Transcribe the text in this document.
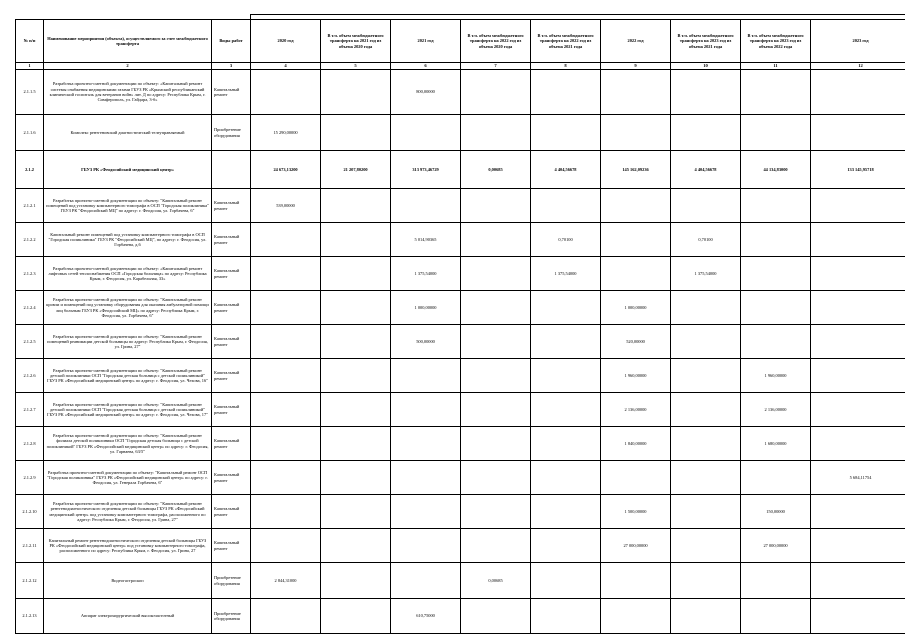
№ п/п	Наименование мероприятия (объекта), осуществляемого за счет межбюджетного трансферта	Виды работ	2020 год	В т.ч. объем межбюджетного трансферта на 2021 год из объема 2020 года	2021 год	В т.ч. объем межбюджетного трансферта на 2022 год из объема 2020 года	В т.ч. объем межбюджетного трансферта на 2022 год из объема 2021 года	2022 год	В т.ч. объем межбюджетного трансферта на 2023 год из объема 2021 года	В т.ч. объем межбюджетного трансферта на 2023 год из объема 2022 года	2023 год
1	2	3	4	5	6	7	8	9	10	11	12
2.1.1.5	Разработка проектно-сметной документации по объекту: «Капитальный ремонт системы снабжения медицинскими газами ГБУЗ РК «Крымский республиканский клинический госпиталь для ветеранов войн» лит. Д по адресу: Республика Крым, г. Симферополь, ул. Гайдара, 3-б»	Капитальный ремонт			800,00000						
2.1.1.6	Комплекс рентгеновский диагностический телеуправляемый	Приобретение оборудования	15 290,00000								
2.1.2	ГБУЗ РК «Феодосийский медицинский центр»		24 673,13200	21 207,80200	313 973,46729	0,00685	4 404,56678	145 162,09236	4 404,56678	44 134,83000	133 145,95718
2.1.2.1	Разработка проектно-сметной документации по объекту: "Капитальный ремонт помещений под установку компьютерного томографа в ОСП "Городская поликлиника" ГБУЗ РК "Феодосийский МЦ" по адресу: г. Феодосия, ул. Горбачева, 6"	Капитальный ремонт	539,00000								
2.1.2.2	Капитальный ремонт помещений под установку компьютерного томографа в ОСП "Городская поликлиника" ГБУЗ РК "Феодосийский МЦ", по адресу: г. Феодосия, ул. Горбачева, д.6	Капитальный ремонт			5 014,90365		0,70100		0,70100		
2.1.2.3	Разработка проектно-сметной документации по объекту: «Капитальный ремонт лифтовых сетей теплоснабжения ОСП «Городская больница» по адресу: Республика Крым, г. Феодосия, ул. Карабельная, 33»	Капитальный ремонт			1 375,54000		1 375,54000		1 375,54000		
2.1.2.4	Разработка проектно-сметной документации по объекту: "Капитальный ремонт кровли и помещений под установку оборудования для оказания амбулаторной помощи лиц больным ГБУЗ РК «Феодосийский МЦ» по адресу: Республика Крым, г. Феодосия, ул. Горбачева, 6"	Капитальный ремонт			1 000,00000			1 000,00000			
2.1.2.5	Разработка проектно-сметной документации по объекту: "Капитальный ремонт помещений реанимации детской больницы по адресу: Республика Крым, г. Феодосия, ул. Грина, 27"	Капитальный ремонт			500,00000			520,00000			
2.1.2.6	Разработка проектно-сметной документации по объекту: "Капитальный ремонт детской поликлиники ОСП "Городская детская больница с детской поликлиникой" ГБУЗ РК «Феодосийский медицинский центр» по адресу: г. Феодосия, ул. Чехова, 16"	Капитальный ремонт						1 960,00000		1 960,00000	
2.1.2.7	Разработка проектно-сметной документации по объекту: "Капитальный ремонт детской поликлиники ОСП "Городская детская больница с детской поликлиникой" ГБУЗ РК «Феодосийский медицинский центр» по адресу: г. Феодосия, ул. Чехова, 17"	Капитальный ремонт						2 136,00000		2 136,00000	
2.1.2.8	Разработка проектно-сметной документации по объекту: "Капитальный ремонт филиала детской поликлиники ОСП "Городская детская больница с детской поликлиникой" ГБУЗ РК «Феодосийский медицинский центр» по адресу: г. Феодосия, ул. Гарнаева, 63/5"	Капитальный ремонт						1 840,00000		1 680,00000	
2.1.2.9	Разработка проектно-сметной документации по объекту: "Капитальный ремонт ОСП "Городская поликлиника" ГБУЗ РК «Феодосийский медицинский центр» по адресу: г. Феодосия, ул. Генерала Горбачева, 6"	Капитальный ремонт									5 684,11754
2.1.2.10	Разработка проектно-сметной документации по объекту: "Капитальный ремонт рентгенодиагностического отделения детской больницы ГБУЗ РК «Феодосийский медицинский центр» под установку компьютерного томографа, расположенного по адресу: Республика Крым, г. Феодосия, ул. Грина, 27"	Капитальный ремонт						1 500,00000		150,00000	
2.1.2.11	Капитальный ремонт рентгенодиагностического отделения детской больницы ГБУЗ РК «Феодосийский медицинский центр» под установку компьютерного томографа, расположенного по адресу: Республика Крым, г. Феодосия, ул. Грина, 27	Капитальный ремонт						27 000,00000		27 000,00000	
2.1.2.12	Видеогастроскоп	Приобретение оборудования	2 844,31000			0,00685					
2.1.2.13	Аппарат электрохирургический высокочастотный	Приобретение оборудования			610,75000						
